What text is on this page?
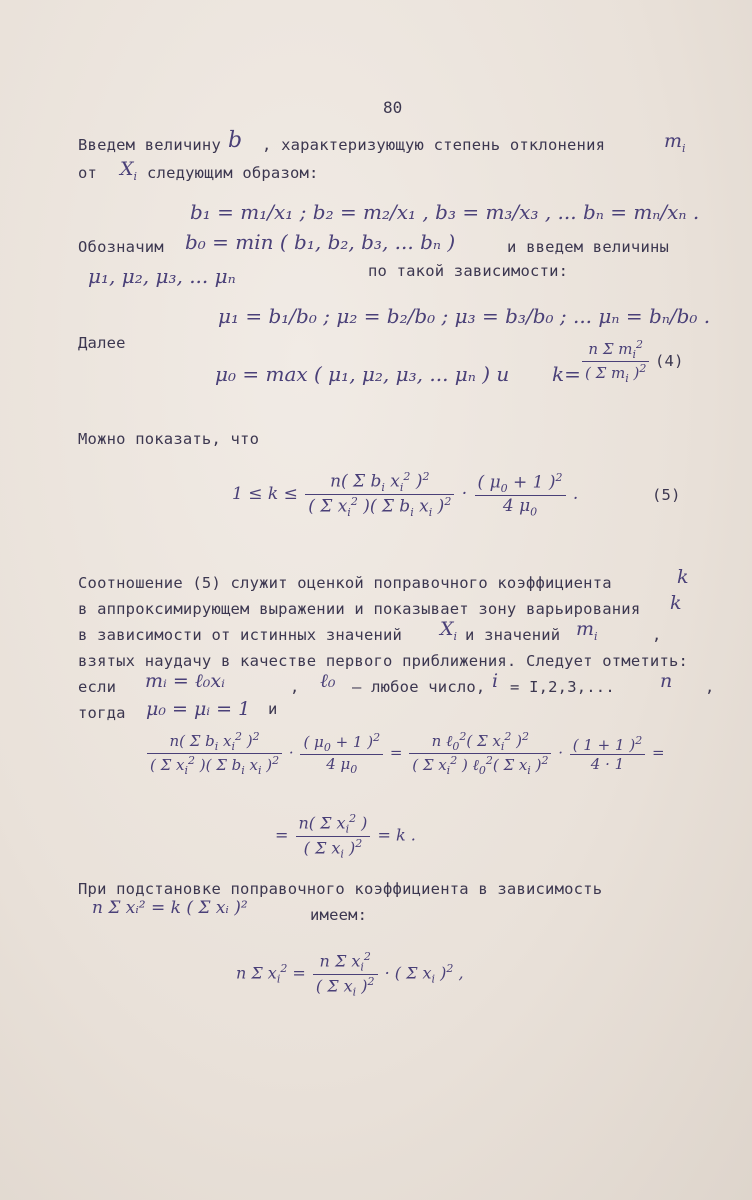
80
Введем величину b , характеризующую степень отклонения	$m_i$
от $X_i$ следующим образом:
b₁ = m₁/x₁ ; b₂ = m₂/x₁ , b₃ = m₃/x₃ , ... bₙ = mₙ/xₙ .
Обозначим b₀ = min ( b₁, b₂, b₃, ... bₙ )	и введем величины
μ₁, μ₂, μ₃, ... μₙ	по такой зависимости:
μ₁ = b₁/b₀ ; μ₂ = b₂/b₀ ; μ₃ = b₃/b₀ ; ... μₙ = bₙ/b₀ .
Далее
μ₀ = max ( μ₁, μ₂, μ₃, ... μₙ ) и $k= \frac{n \Sigma m_i^2}{( \Sigma m_i )^2} (4)$
Можно показать, что
$1 \le k \le \frac{n( \Sigma b_i x_i^2 )^2}{( \Sigma x_i^2 )( \Sigma b_i x_i )^2} \cdot \frac{( \mu_0 + 1 )^2}{4 \mu_0}$ .	(5)
Соотношение (5) служит оценкой поправочного коэффициента	k
в аппроксимирующем выражении и показывает зону варьирования k
в зависимости от истинных значений $X_i$ и значений $m_i$	,
взятых наудачу в качестве первого приближения. Следует отметить:
если mᵢ = ℓ₀xᵢ	, ℓ₀ – любое число, i = I,2,3,... n ,
тогда μ₀ = μᵢ = 1 и
$\frac{n( \Sigma b_i x_i^2 )^2}{( \Sigma x_i^2 )( \Sigma b_i x_i )^2} \cdot \frac{( \mu_0 + 1 )^2}{4 \mu_0} = \frac{n \ell_0^2( \Sigma x_i^2 )^2}{( \Sigma x_i^2 ) \ell_0^2( \Sigma x_i )^2} \cdot \frac{( 1 + 1 )^2}{4 \cdot 1}$ =
= $\frac{n( \Sigma x_i^2 )}{( \Sigma x_i )^2} = k$ .
При подстановке поправочного коэффициента в зависимость
n Σ xᵢ² = k ( Σ xᵢ )²	имеем:
n Σ $x_i^2 = \frac{n \Sigma x_i^2}{( \Sigma x_i )^2}$ · ( Σ $x_i$ )$^2$ ,
